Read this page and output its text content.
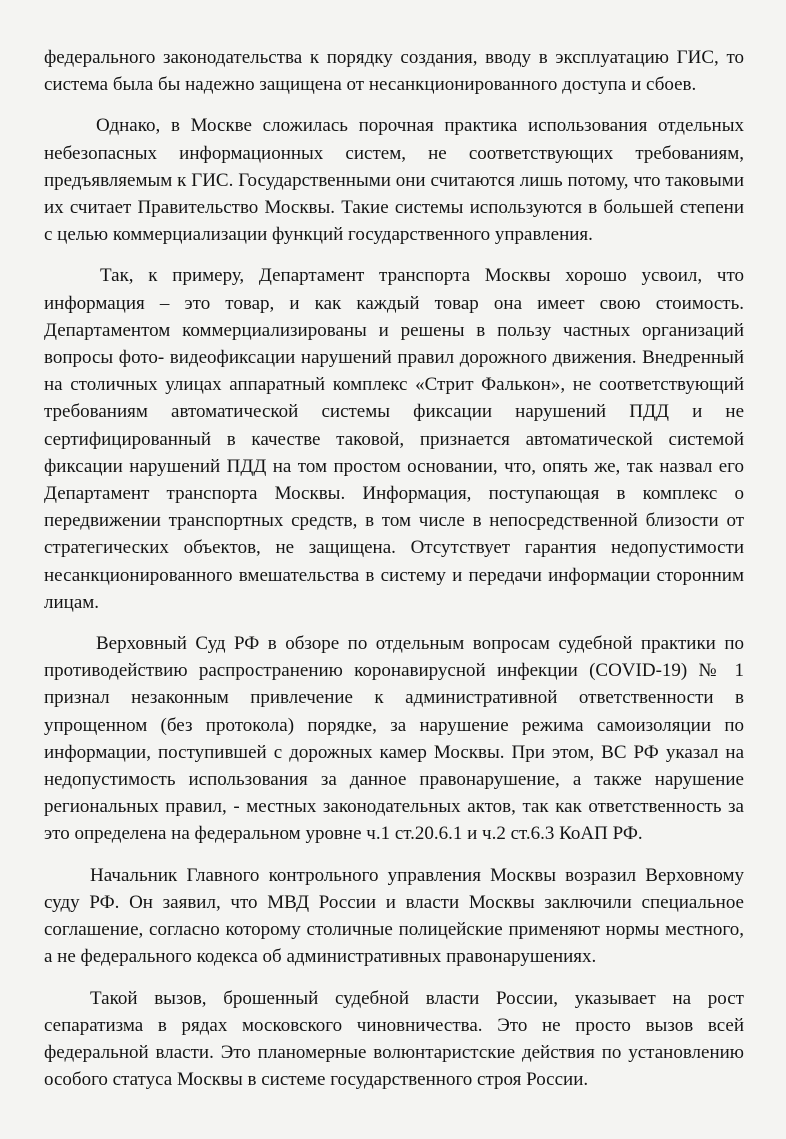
федерального законодательства к порядку создания, вводу в эксплуатацию ГИС, то система была бы надежно защищена от несанкционированного доступа и сбоев.

Однако, в Москве сложилась порочная практика использования отдельных небезопасных информационных систем, не соответствующих требованиям, предъявляемым к ГИС. Государственными они считаются лишь потому, что таковыми их считает Правительство Москвы. Такие системы используются в большей степени с целью коммерциализации функций государственного управления.

Так, к примеру, Департамент транспорта Москвы хорошо усвоил, что информация – это товар, и как каждый товар она имеет свою стоимость. Департаментом коммерциализированы и решены в пользу частных организаций вопросы фото- видеофиксации нарушений правил дорожного движения. Внедренный на столичных улицах аппаратный комплекс «Стрит Фалькон», не соответствующий требованиям автоматической системы фиксации нарушений ПДД и не сертифицированный в качестве таковой, признается автоматической системой фиксации нарушений ПДД на том простом основании, что, опять же, так назвал его Департамент транспорта Москвы. Информация, поступающая в комплекс о передвижении транспортных средств, в том числе в непосредственной близости от стратегических объектов, не защищена. Отсутствует гарантия недопустимости несанкционированного вмешательства в систему и передачи информации сторонним лицам.

Верховный Суд РФ в обзоре по отдельным вопросам судебной практики по противодействию распространению коронавирусной инфекции (COVID-19) № 1 признал незаконным привлечение к административной ответственности в упрощенном (без протокола) порядке, за нарушение режима самоизоляции по информации, поступившей с дорожных камер Москвы. При этом, ВС РФ указал на недопустимость использования за данное правонарушение, а также нарушение региональных правил, - местных законодательных актов, так как ответственность за это определена на федеральном уровне ч.1 ст.20.6.1 и ч.2 ст.6.3 КоАП РФ.

Начальник Главного контрольного управления Москвы возразил Верховному суду РФ. Он заявил, что МВД России и власти Москвы заключили специальное соглашение, согласно которому столичные полицейские применяют нормы местного, а не федерального кодекса об административных правонарушениях.

Такой вызов, брошенный судебной власти России, указывает на рост сепаратизма в рядах московского чиновничества. Это не просто вызов всей федеральной власти. Это планомерные волюнтаристские действия по установлению особого статуса Москвы в системе государственного строя России.
